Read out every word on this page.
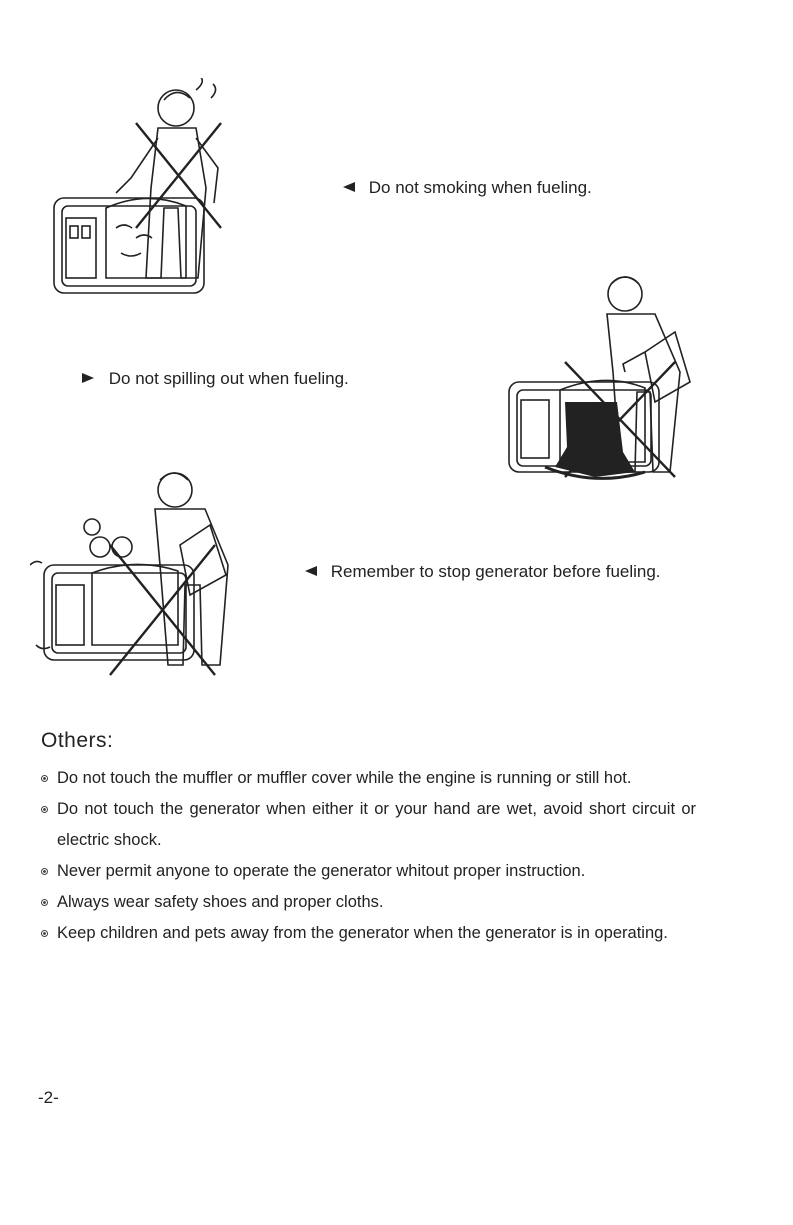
Do not smoking when fueling.
Do not spilling out when fueling.
Remember to stop generator before fueling.
Others:
Do not touch the muffler or muffler cover while the engine is running or still hot.
Do not touch the generator when either it or your hand are wet, avoid short circuit or electric shock.
Never permit anyone to operate the generator whitout proper instruction.
Always wear safety shoes and proper cloths.
Keep children and pets away from the generator when the generator is in operating.
-2-
